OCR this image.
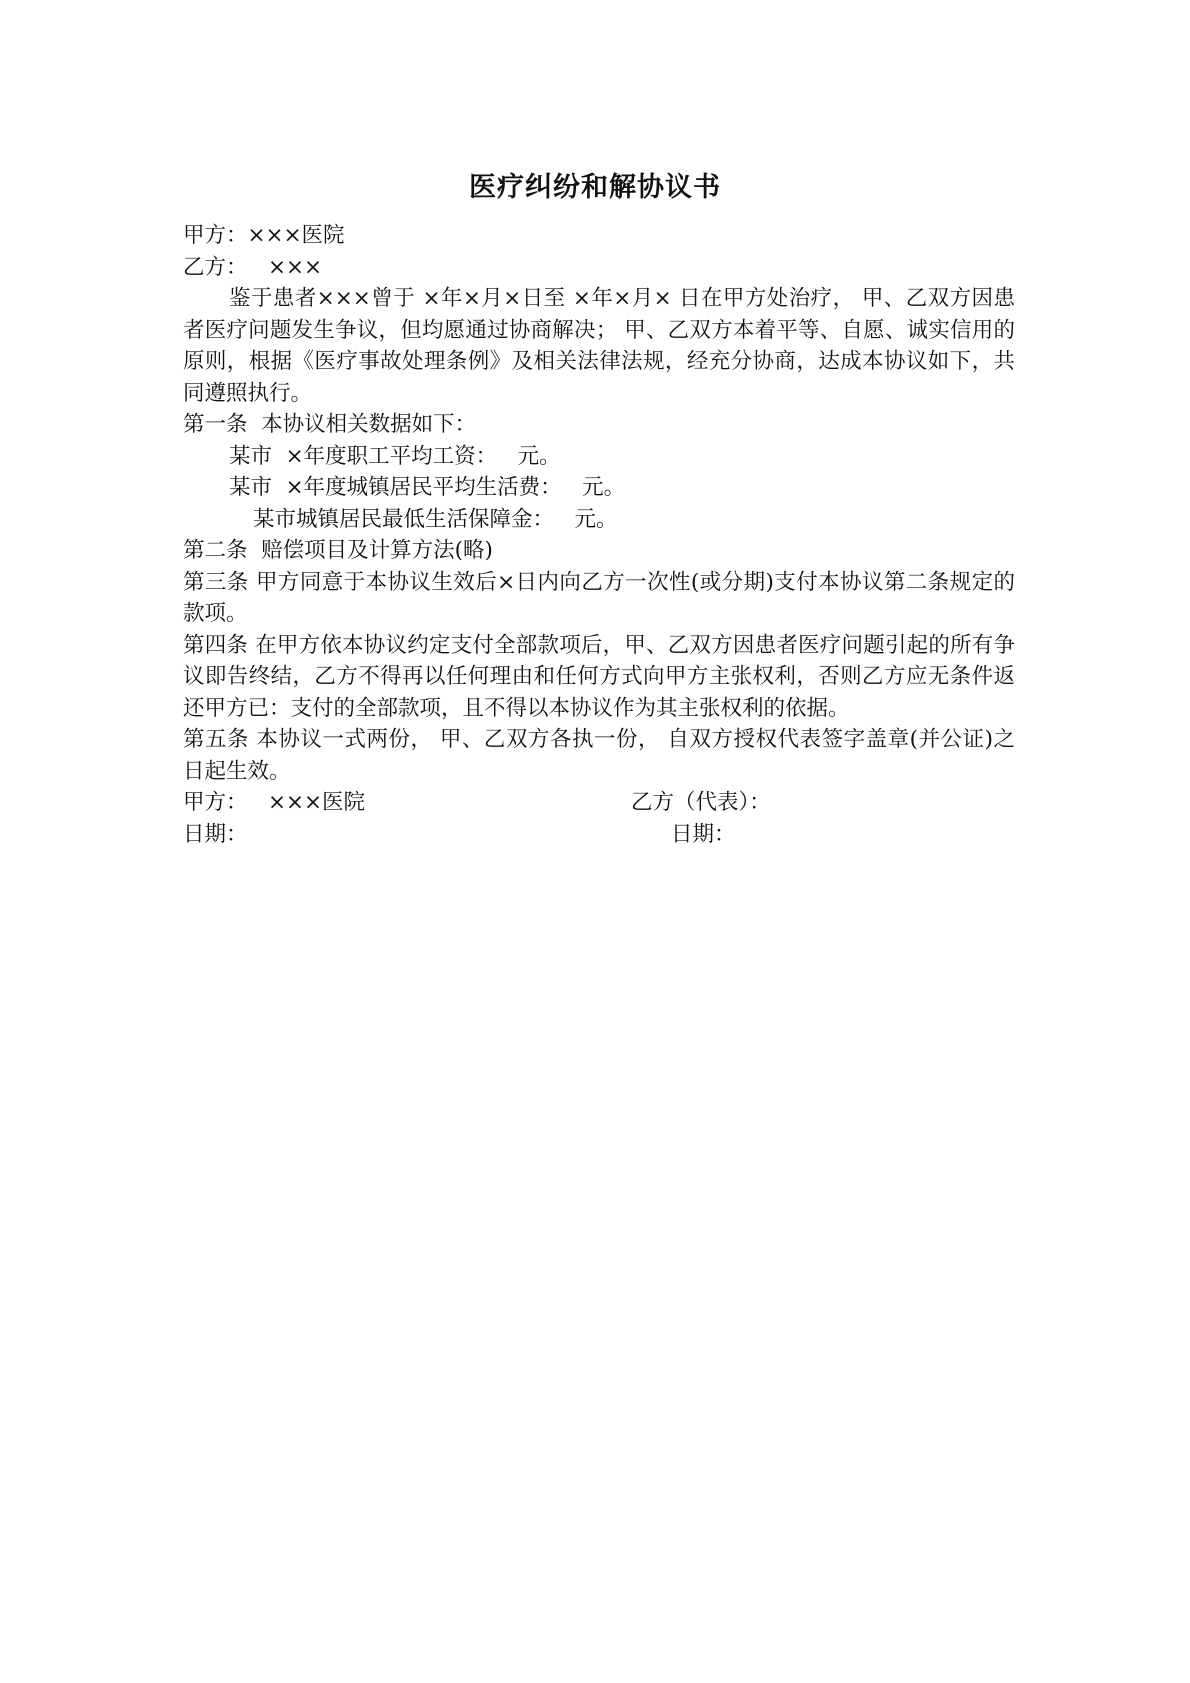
医疗纠纷和解协议书
甲方：×××医院
乙方：   ×××
鉴于患者×××曾于 ×年×月×日至 ×年×月× 日在甲方处治疗， 甲、乙双方因患者医疗问题发生争议，但均愿通过协商解决； 甲、乙双方本着平等、自愿、诚实信用的原则，根据《医疗事故处理条例》及相关法律法规，经充分协商，达成本协议如下，共同遵照执行。
第一条  本协议相关数据如下：
某市  ×年度职工平均工资：   元。
某市  ×年度城镇居民平均生活费：   元。
某市城镇居民最低生活保障金：   元。
第二条  赔偿项目及计算方法(略)
第三条 甲方同意于本协议生效后×日内向乙方一次性(或分期)支付本协议第二条规定的款项。
第四条 在甲方依本协议约定支付全部款项后，甲、乙双方因患者医疗问题引起的所有争议即告终结，乙方不得再以任何理由和任何方式向甲方主张权利，否则乙方应无条件返还甲方已：支付的全部款项，且不得以本协议作为其主张权利的依据。
第五条 本协议一式两份， 甲、乙双方各执一份， 自双方授权代表签字盖章(并公证)之日起生效。
甲方：   ×××医院	乙方（代表）：
日期：	日期：
